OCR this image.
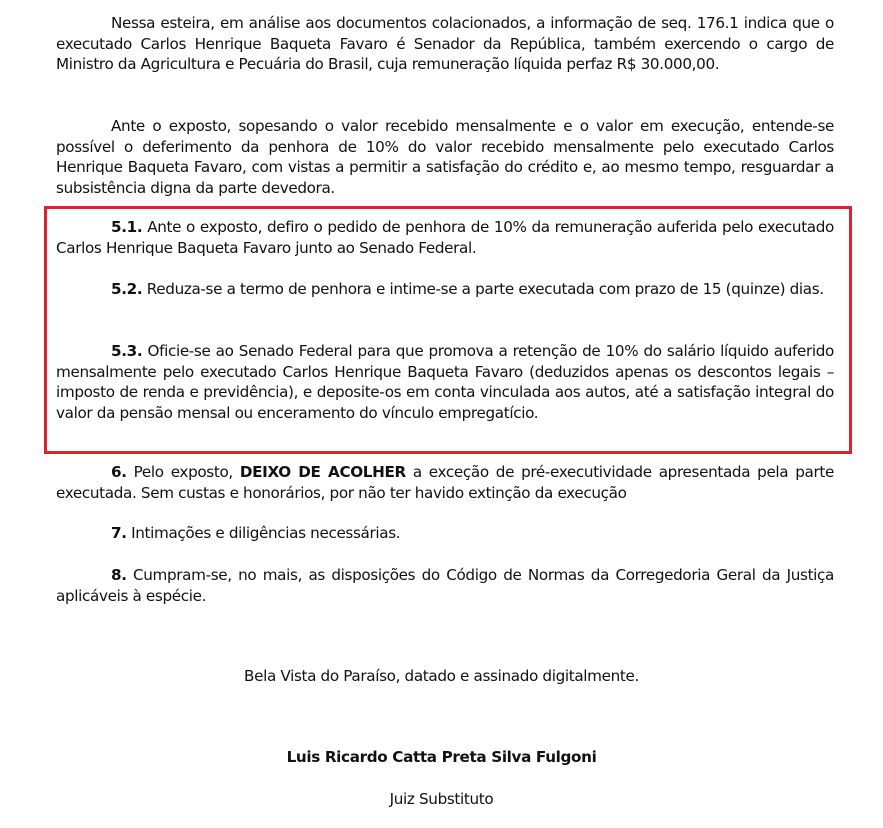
Nessa esteira, em análise aos documentos colacionados, a informação de seq. 176.1 indica que o executado Carlos Henrique Baqueta Favaro é Senador da República, também exercendo o cargo de Ministro da Agricultura e Pecuária do Brasil, cuja remuneração líquida perfaz R$ 30.000,00.

Ante o exposto, sopesando o valor recebido mensalmente e o valor em execução, entende-se possível o deferimento da penhora de 10% do valor recebido mensalmente pelo executado Carlos Henrique Baqueta Favaro, com vistas a permitir a satisfação do crédito e, ao mesmo tempo, resguardar a subsistência digna da parte devedora.

5.1. Ante o exposto, defiro o pedido de penhora de 10% da remuneração auferida pelo executado Carlos Henrique Baqueta Favaro junto ao Senado Federal.

5.2. Reduza-se a termo de penhora e intime-se a parte executada com prazo de 15 (quinze) dias.

5.3. Oficie-se ao Senado Federal para que promova a retenção de 10% do salário líquido auferido mensalmente pelo executado Carlos Henrique Baqueta Favaro (deduzidos apenas os descontos legais – imposto de renda e previdência), e deposite-os em conta vinculada aos autos, até a satisfação integral do valor da pensão mensal ou enceramento do vínculo empregatício.

6. Pelo exposto, DEIXO DE ACOLHER a exceção de pré-executividade apresentada pela parte executada. Sem custas e honorários, por não ter havido extinção da execução

7. Intimações e diligências necessárias.

8. Cumpram-se, no mais, as disposições do Código de Normas da Corregedoria Geral da Justiça aplicáveis à espécie.

Bela Vista do Paraíso, datado e assinado digitalmente.
Luis Ricardo Catta Preta Silva Fulgoni
Juiz Substituto
